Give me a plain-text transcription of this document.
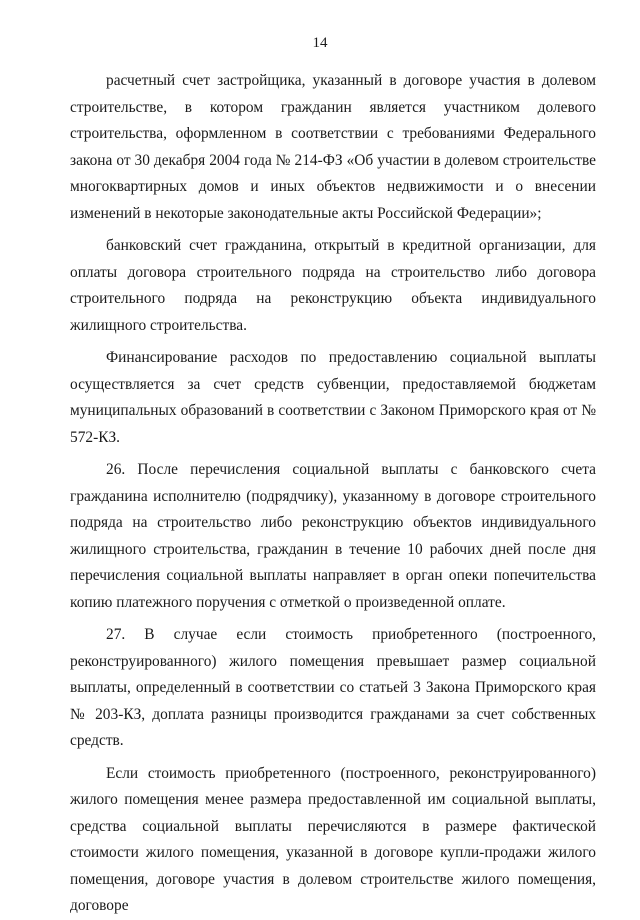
14

расчетный счет застройщика, указанный в договоре участия в долевом строительстве, в котором гражданин является участником долевого строительства, оформленном в соответствии с требованиями Федерального закона от 30 декабря 2004 года № 214-ФЗ «Об участии в долевом строительстве многоквартирных домов и иных объектов недвижимости и о внесении изменений в некоторые законодательные акты Российской Федерации»;

банковский счет гражданина, открытый в кредитной организации, для оплаты договора строительного подряда на строительство либо договора строительного подряда на реконструкцию объекта индивидуального жилищного строительства.

Финансирование расходов по предоставлению социальной выплаты осуществляется за счет средств субвенции, предоставляемой бюджетам муниципальных образований в соответствии с Законом Приморского края от № 572-КЗ.

26. После перечисления социальной выплаты с банковского счета гражданина исполнителю (подрядчику), указанному в договоре строительного подряда на строительство либо реконструкцию объектов индивидуального жилищного строительства, гражданин в течение 10 рабочих дней после дня перечисления социальной выплаты направляет в орган опеки попечительства копию платежного поручения с отметкой о произведенной оплате.

27. В случае если стоимость приобретенного (построенного, реконструированного) жилого помещения превышает размер социальной выплаты, определенный в соответствии со статьей 3 Закона Приморского края № 203-КЗ, доплата разницы производится гражданами за счет собственных средств.

Если стоимость приобретенного (построенного, реконструированного) жилого помещения менее размера предоставленной им социальной выплаты, средства социальной выплаты перечисляются в размере фактической стоимости жилого помещения, указанной в договоре купли-продажи жилого помещения, договоре участия в долевом строительстве жилого помещения, договоре
